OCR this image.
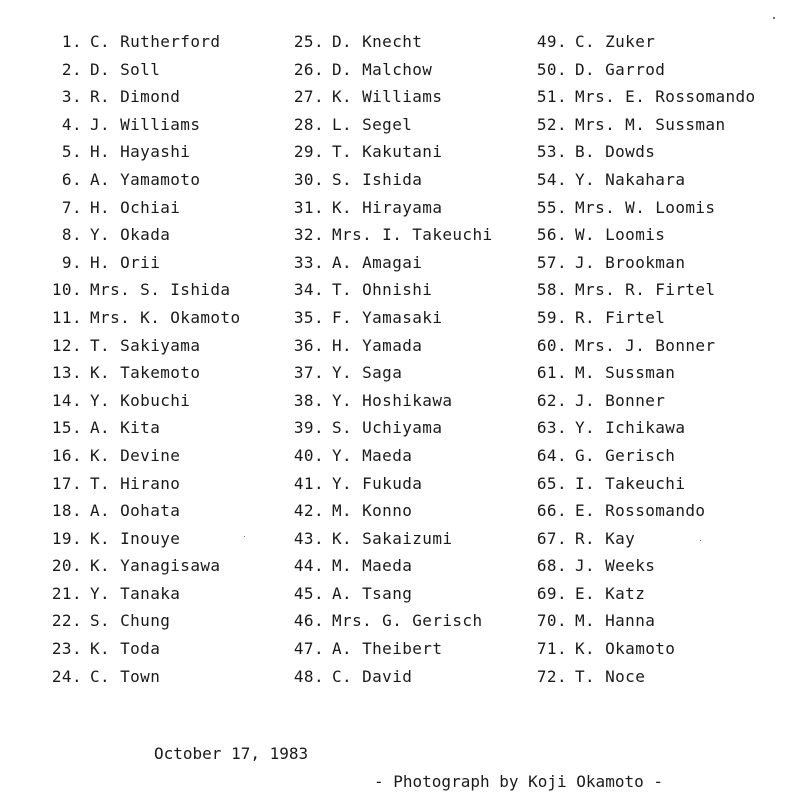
1. C. Rutherford
2. D. Soll
3. R. Dimond
4. J. Williams
5. H. Hayashi
6. A. Yamamoto
7. H. Ochiai
8. Y. Okada
9. H. Orii
10. Mrs. S. Ishida
11. Mrs. K. Okamoto
12. T. Sakiyama
13. K. Takemoto
14. Y. Kobuchi
15. A. Kita
16. K. Devine
17. T. Hirano
18. A. Oohata
19. K. Inouye
20. K. Yanagisawa
21. Y. Tanaka
22. S. Chung
23. K. Toda
24. C. Town
25. D. Knecht
26. D. Malchow
27. K. Williams
28. L. Segel
29. T. Kakutani
30. S. Ishida
31. K. Hirayama
32. Mrs. I. Takeuchi
33. A. Amagai
34. T. Ohnishi
35. F. Yamasaki
36. H. Yamada
37. Y. Saga
38. Y. Hoshikawa
39. S. Uchiyama
40. Y. Maeda
41. Y. Fukuda
42. M. Konno
43. K. Sakaizumi
44. M. Maeda
45. A. Tsang
46. Mrs. G. Gerisch
47. A. Theibert
48. C. David
49. C. Zuker
50. D. Garrod
51. Mrs. E. Rossomando
52. Mrs. M. Sussman
53. B. Dowds
54. Y. Nakahara
55. Mrs. W. Loomis
56. W. Loomis
57. J. Brookman
58. Mrs. R. Firtel
59. R. Firtel
60. Mrs. J. Bonner
61. M. Sussman
62. J. Bonner
63. Y. Ichikawa
64. G. Gerisch
65. I. Takeuchi
66. E. Rossomando
67. R. Kay
68. J. Weeks
69. E. Katz
70. M. Hanna
71. K. Okamoto
72. T. Noce

October 17, 1983

- Photograph by Koji Okamoto -
